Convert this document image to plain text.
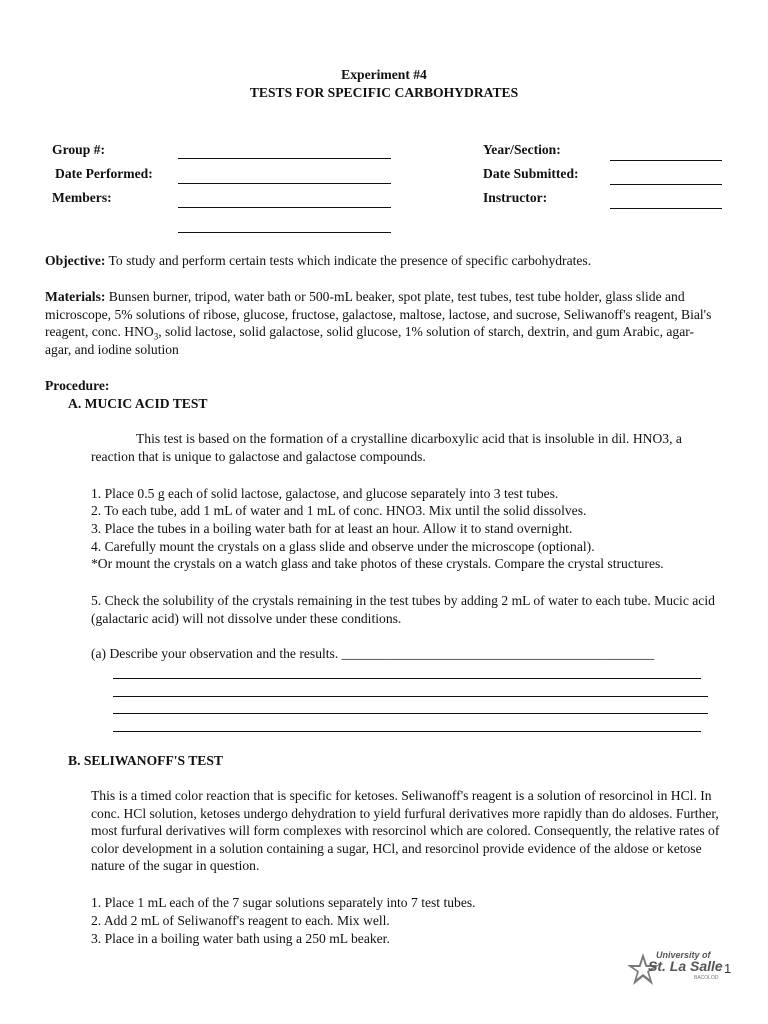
Experiment #4
TESTS FOR SPECIFIC CARBOHYDRATES
Group #:
Date Performed:
Members:
Year/Section:
Date Submitted:
Instructor:
Objective: To study and perform certain tests which indicate the presence of specific carbohydrates.
Materials: Bunsen burner, tripod, water bath or 500-mL beaker, spot plate, test tubes, test tube holder, glass slide and microscope, 5% solutions of ribose, glucose, fructose, galactose, maltose, lactose, and sucrose, Seliwanoff's reagent, Bial's reagent, conc. $HNO_3$, solid lactose, solid galactose, solid glucose, 1% solution of starch, dextrin, and gum Arabic, agar-agar, and iodine solution
Procedure:
A. MUCIC ACID TEST
This test is based on the formation of a crystalline dicarboxylic acid that is insoluble in dil. HNO3, a reaction that is unique to galactose and galactose compounds.
1. Place 0.5 g each of solid lactose, galactose, and glucose separately into 3 test tubes.
2. To each tube, add 1 mL of water and 1 mL of conc. HNO3. Mix until the solid dissolves.
3. Place the tubes in a boiling water bath for at least an hour. Allow it to stand overnight.
4. Carefully mount the crystals on a glass slide and observe under the microscope (optional).
*Or mount the crystals on a watch glass and take photos of these crystals. Compare the crystal structures.
5. Check the solubility of the crystals remaining in the test tubes by adding 2 mL of water to each tube. Mucic acid (galactaric acid) will not dissolve under these conditions.
(a) Describe your observation and the results. ______________________________________________
B. SELIWANOFF'S TEST
This is a timed color reaction that is specific for ketoses. Seliwanoff's reagent is a solution of resorcinol in HCl. In conc. HCl solution, ketoses undergo dehydration to yield furfural derivatives more rapidly than do aldoses. Further, most furfural derivatives will form complexes with resorcinol which are colored. Consequently, the relative rates of color development in a solution containing a sugar, HCl, and resorcinol provide evidence of the aldose or ketose nature of the sugar in question.
1. Place 1 mL each of the 7 sugar solutions separately into 7 test tubes.
2. Add 2 mL of Seliwanoff's reagent to each. Mix well.
3. Place in a boiling water bath using a 250 mL beaker.
University of
St. La Salle
BACOLOD
1
